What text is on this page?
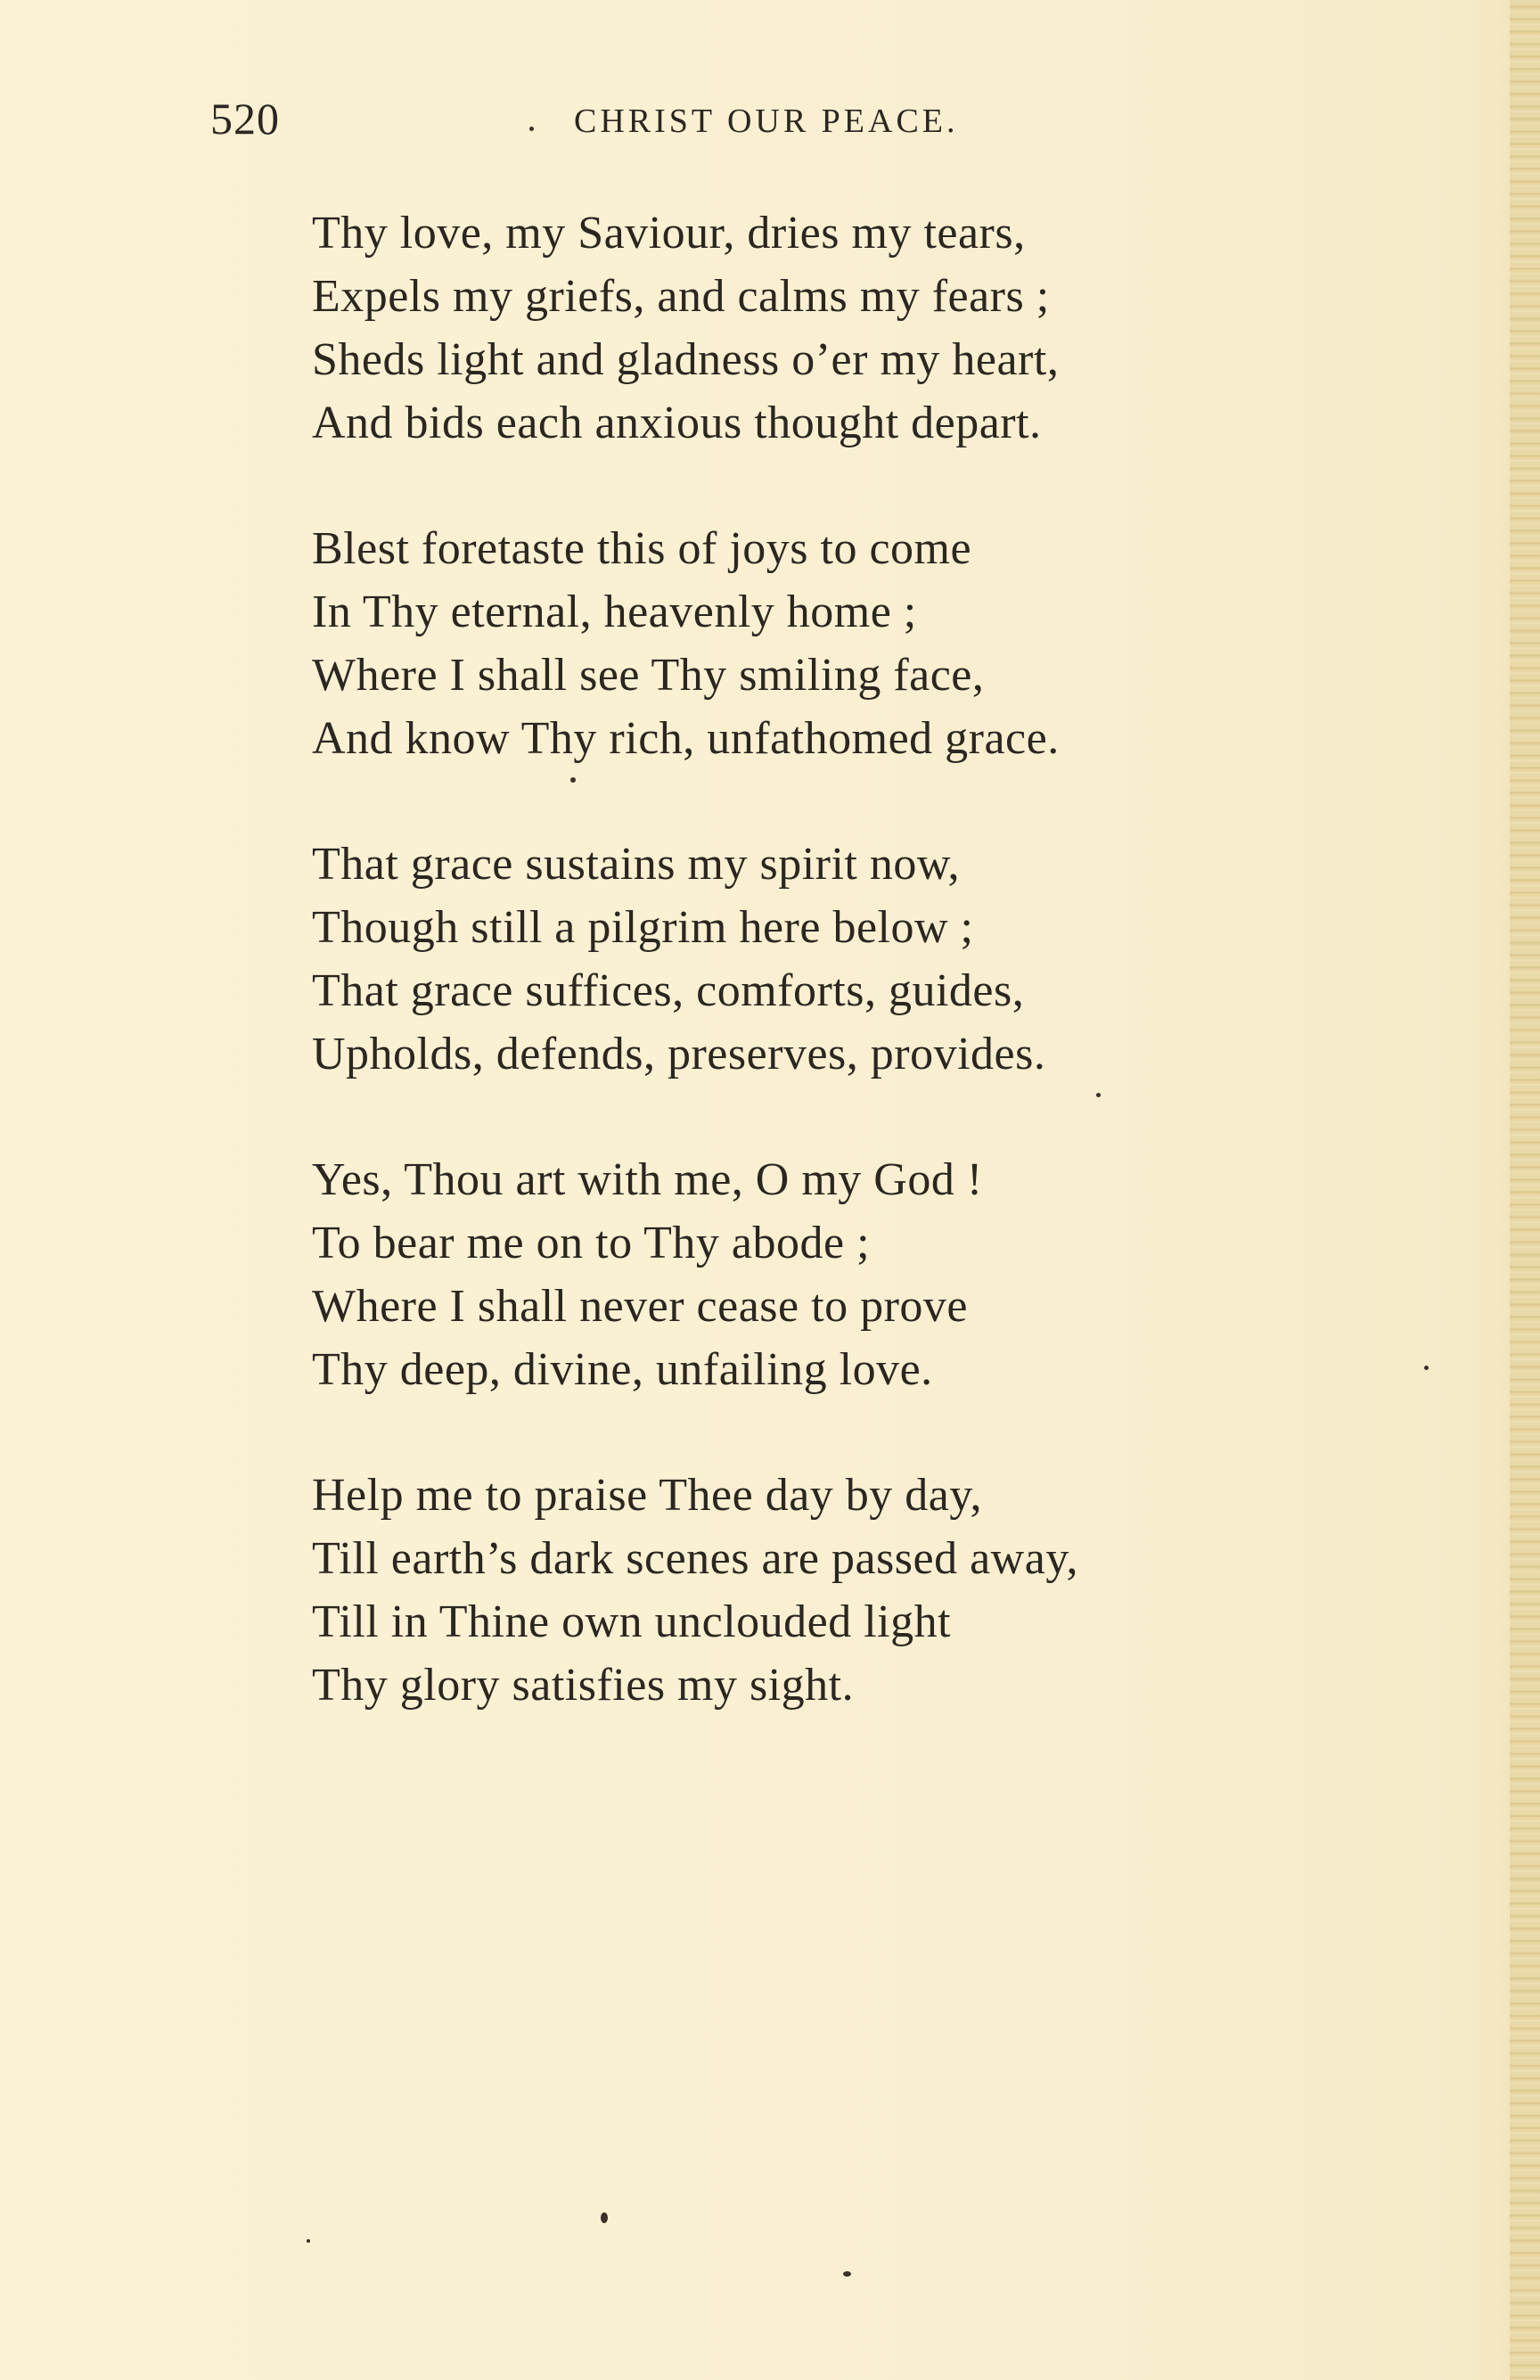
520	CHRIST OUR PEACE.
Thy love, my Saviour, dries my tears,
Expels my griefs, and calms my fears ;
Sheds light and gladness o’er my heart,
And bids each anxious thought depart.
Blest foretaste this of joys to come
In Thy eternal, heavenly home ;
Where I shall see Thy smiling face,
And know Thy rich, unfathomed grace.
That grace sustains my spirit now,
Though still a pilgrim here below ;
That grace suffices, comforts, guides,
Upholds, defends, preserves, provides.
Yes, Thou art with me, O my God !
To bear me on to Thy abode ;
Where I shall never cease to prove
Thy deep, divine, unfailing love.
Help me to praise Thee day by day,
Till earth’s dark scenes are passed away,
Till in Thine own unclouded light
Thy glory satisfies my sight.
